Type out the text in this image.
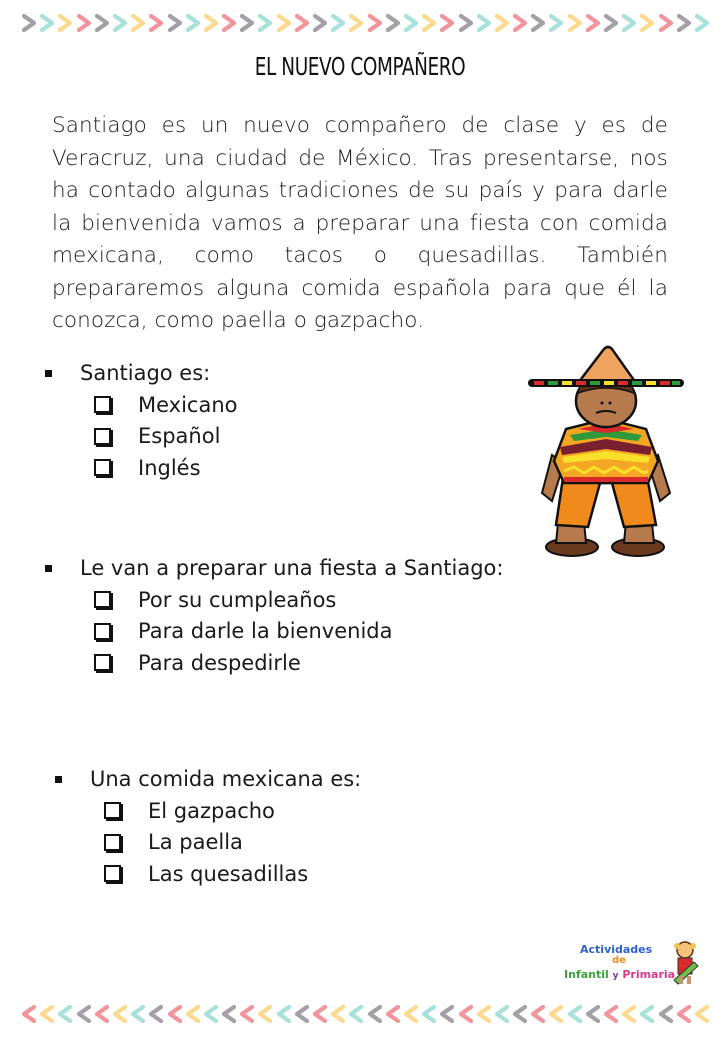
EL NUEVO COMPAÑERO

Santiago es un nuevo compañero de clase y es de Veracruz, una ciudad de México. Tras presentarse, nos ha contado algunas tradiciones de su país y para darle la bienvenida vamos a preparar una fiesta con comida mexicana, como tacos o quesadillas. También prepararemos alguna comida española para que él la conozca, como paella o gazpacho.

Santiago es:
Mexicano
Español
Inglés
Le van a preparar una fiesta a Santiago:
Por su cumpleaños
Para darle la bienvenida
Para despedirle
Una comida mexicana es:
El gazpacho
La paella
Las quesadillas
Actividades
de
Infantil y Primaria
